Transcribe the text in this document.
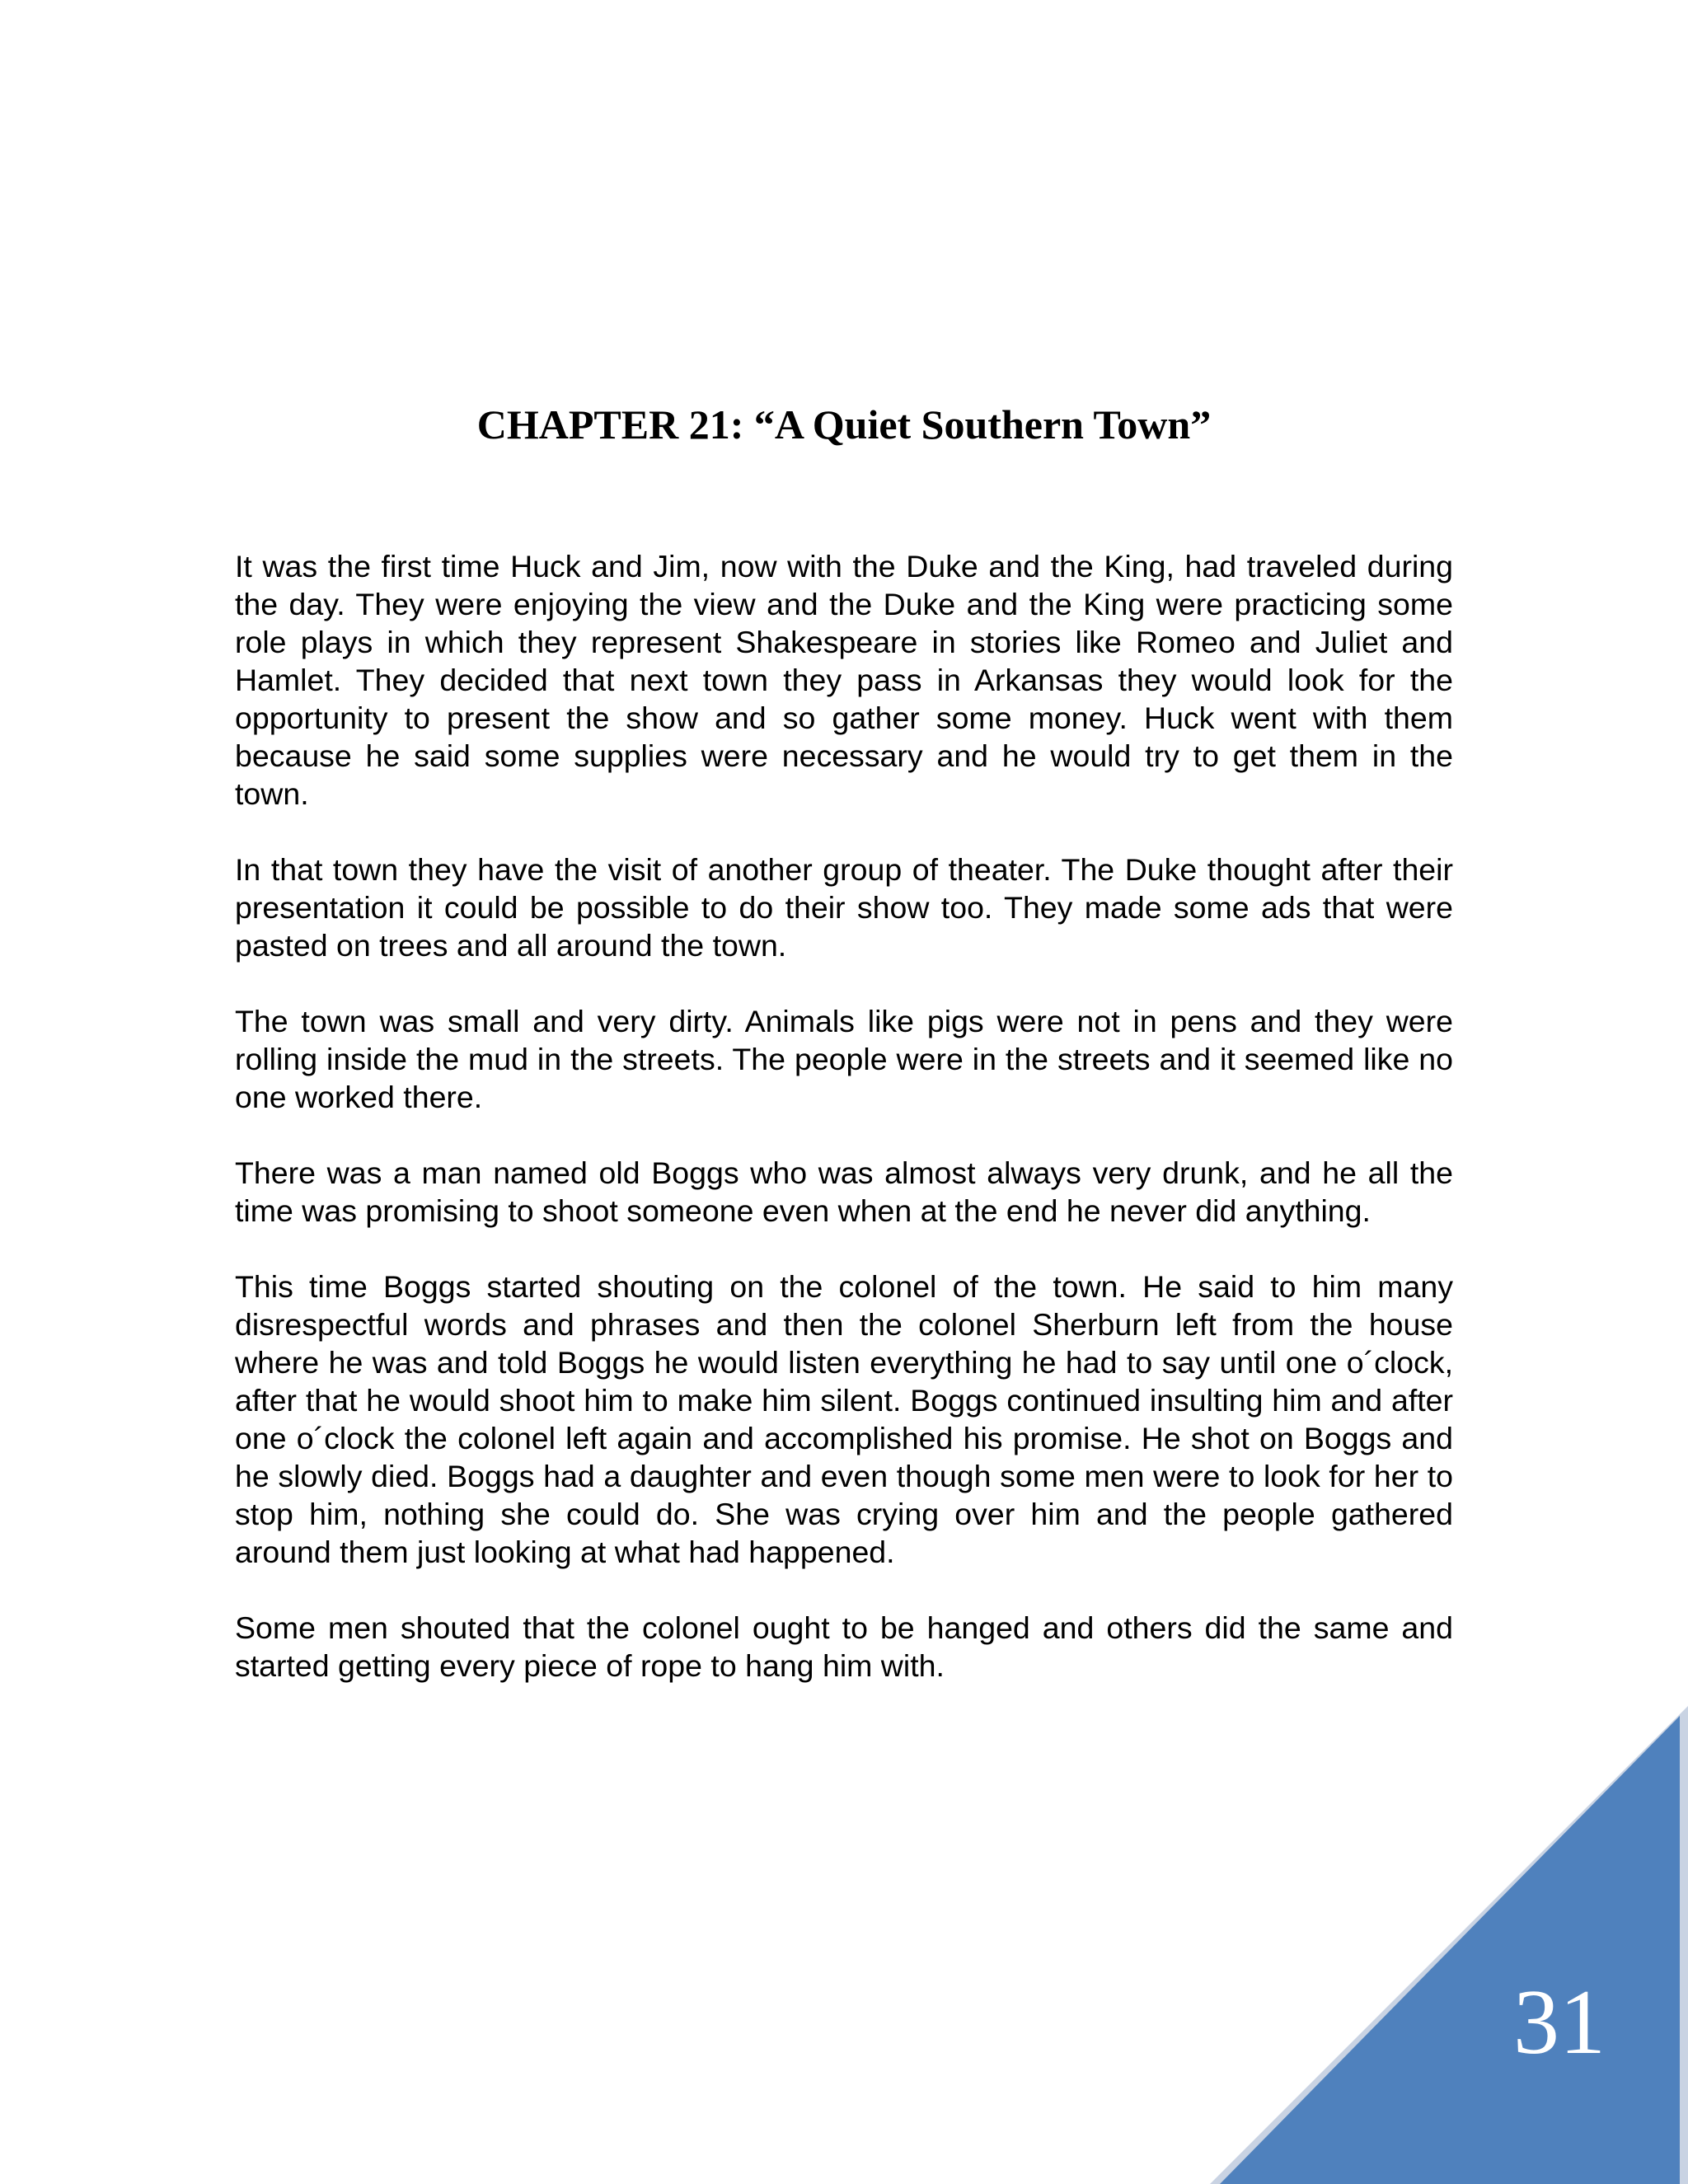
CHAPTER 21: “A Quiet Southern Town”

It was the first time Huck and Jim, now with the Duke and the King, had traveled during the day. They were enjoying the view and the Duke and the King were practicing some role plays in which they represent Shakespeare in stories like Romeo and Juliet and Hamlet. They decided that next town they pass in Arkansas they would look for the opportunity to present the show and so gather some money. Huck went with them because he said some supplies were necessary and he would try to get them in the town.

In that town they have the visit of another group of theater. The Duke thought after their presentation it could be possible to do their show too. They made some ads that were pasted on trees and all around the town.

The town was small and very dirty. Animals like pigs were not in pens and they were rolling inside the mud in the streets. The people were in the streets and it seemed like no one worked there.

There was a man named old Boggs who was almost always very drunk, and he all the time was promising to shoot someone even when at the end he never did anything.

This time Boggs started shouting on the colonel of the town. He said to him many disrespectful words and phrases and then the colonel Sherburn left from the house where he was and told Boggs he would listen everything he had to say until one o´clock, after that he would shoot him to make him silent. Boggs continued insulting him and after one o´clock the colonel left again and accomplished his promise. He shot on Boggs and he slowly died. Boggs had a daughter and even though some men were to look for her to stop him, nothing she could do. She was crying over him and the people gathered around them just looking at what had happened.

Some men shouted that the colonel ought to be hanged and others did the same and started getting every piece of rope to hang him with.

31
